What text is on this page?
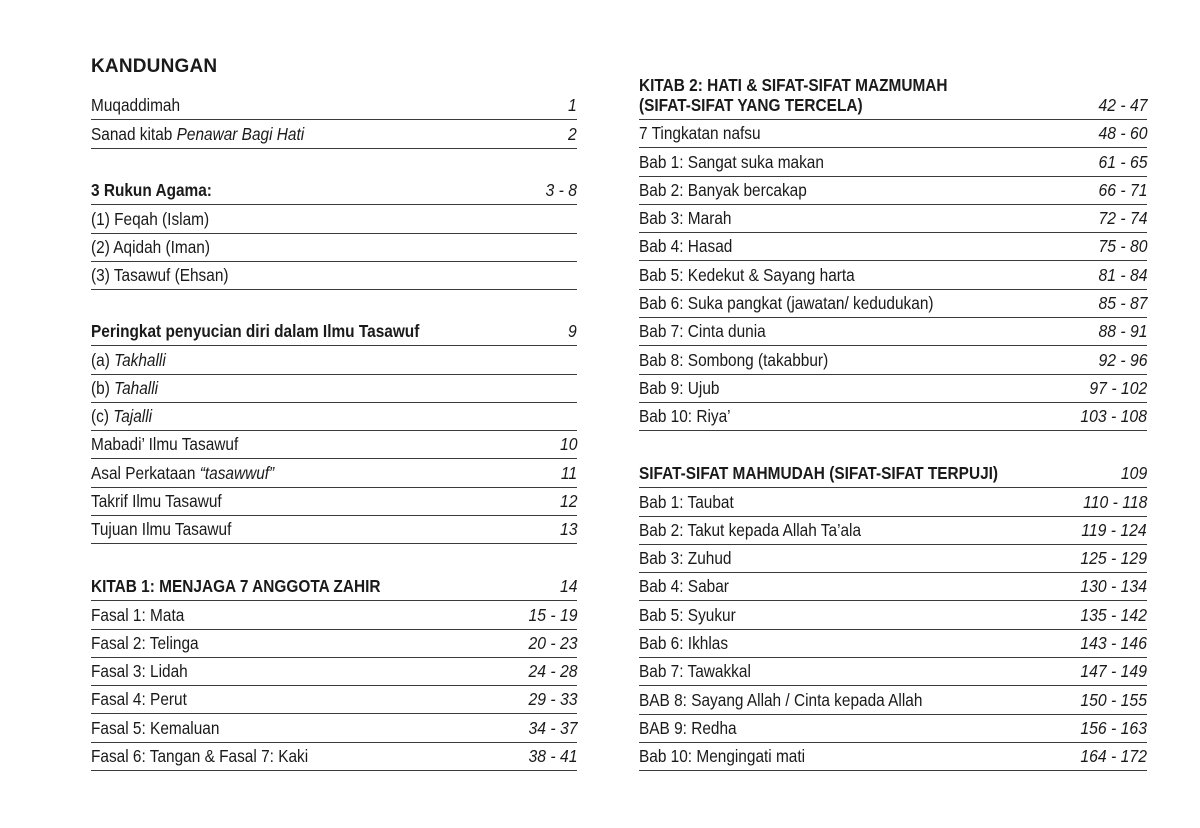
KANDUNGAN
Muqaddimah	1
Sanad kitab Penawar Bagi Hati	2
3 Rukun Agama:	3 - 8
(1) Feqah (Islam)
(2) Aqidah (Iman)
(3) Tasawuf (Ehsan)
Peringkat penyucian diri dalam Ilmu Tasawuf	9
(a) Takhalli
(b) Tahalli
(c) Tajalli
Mabadi’ Ilmu Tasawuf	10
Asal Perkataan “tasawwuf”	11
Takrif Ilmu Tasawuf	12
Tujuan Ilmu Tasawuf	13
KITAB 1: MENJAGA 7 ANGGOTA ZAHIR	14
Fasal 1: Mata	15 - 19
Fasal 2: Telinga	20 - 23
Fasal 3: Lidah	24 - 28
Fasal 4: Perut	29 - 33
Fasal 5: Kemaluan	34 - 37
Fasal 6: Tangan & Fasal 7: Kaki	38 - 41
KITAB 2: HATI & SIFAT-SIFAT MAZMUMAH
(SIFAT-SIFAT YANG TERCELA)	42 - 47
7 Tingkatan nafsu	48 - 60
Bab 1: Sangat suka makan	61 - 65
Bab 2: Banyak bercakap	66 - 71
Bab 3: Marah	72 - 74
Bab 4: Hasad	75 - 80
Bab 5: Kedekut & Sayang harta	81 - 84
Bab 6: Suka pangkat (jawatan/ kedudukan)	85 - 87
Bab 7: Cinta dunia	88 - 91
Bab 8: Sombong (takabbur)	92 - 96
Bab 9: Ujub	97 - 102
Bab 10: Riya’	103 - 108
SIFAT-SIFAT MAHMUDAH (SIFAT-SIFAT TERPUJI)	109
Bab 1: Taubat	110 - 118
Bab 2: Takut kepada Allah Ta’ala	119 - 124
Bab 3: Zuhud	125 - 129
Bab 4: Sabar	130 - 134
Bab 5: Syukur	135 - 142
Bab 6: Ikhlas	143 - 146
Bab 7: Tawakkal	147 - 149
BAB 8: Sayang Allah / Cinta kepada Allah	150 - 155
BAB 9: Redha	156 - 163
Bab 10: Mengingati mati	164 - 172
